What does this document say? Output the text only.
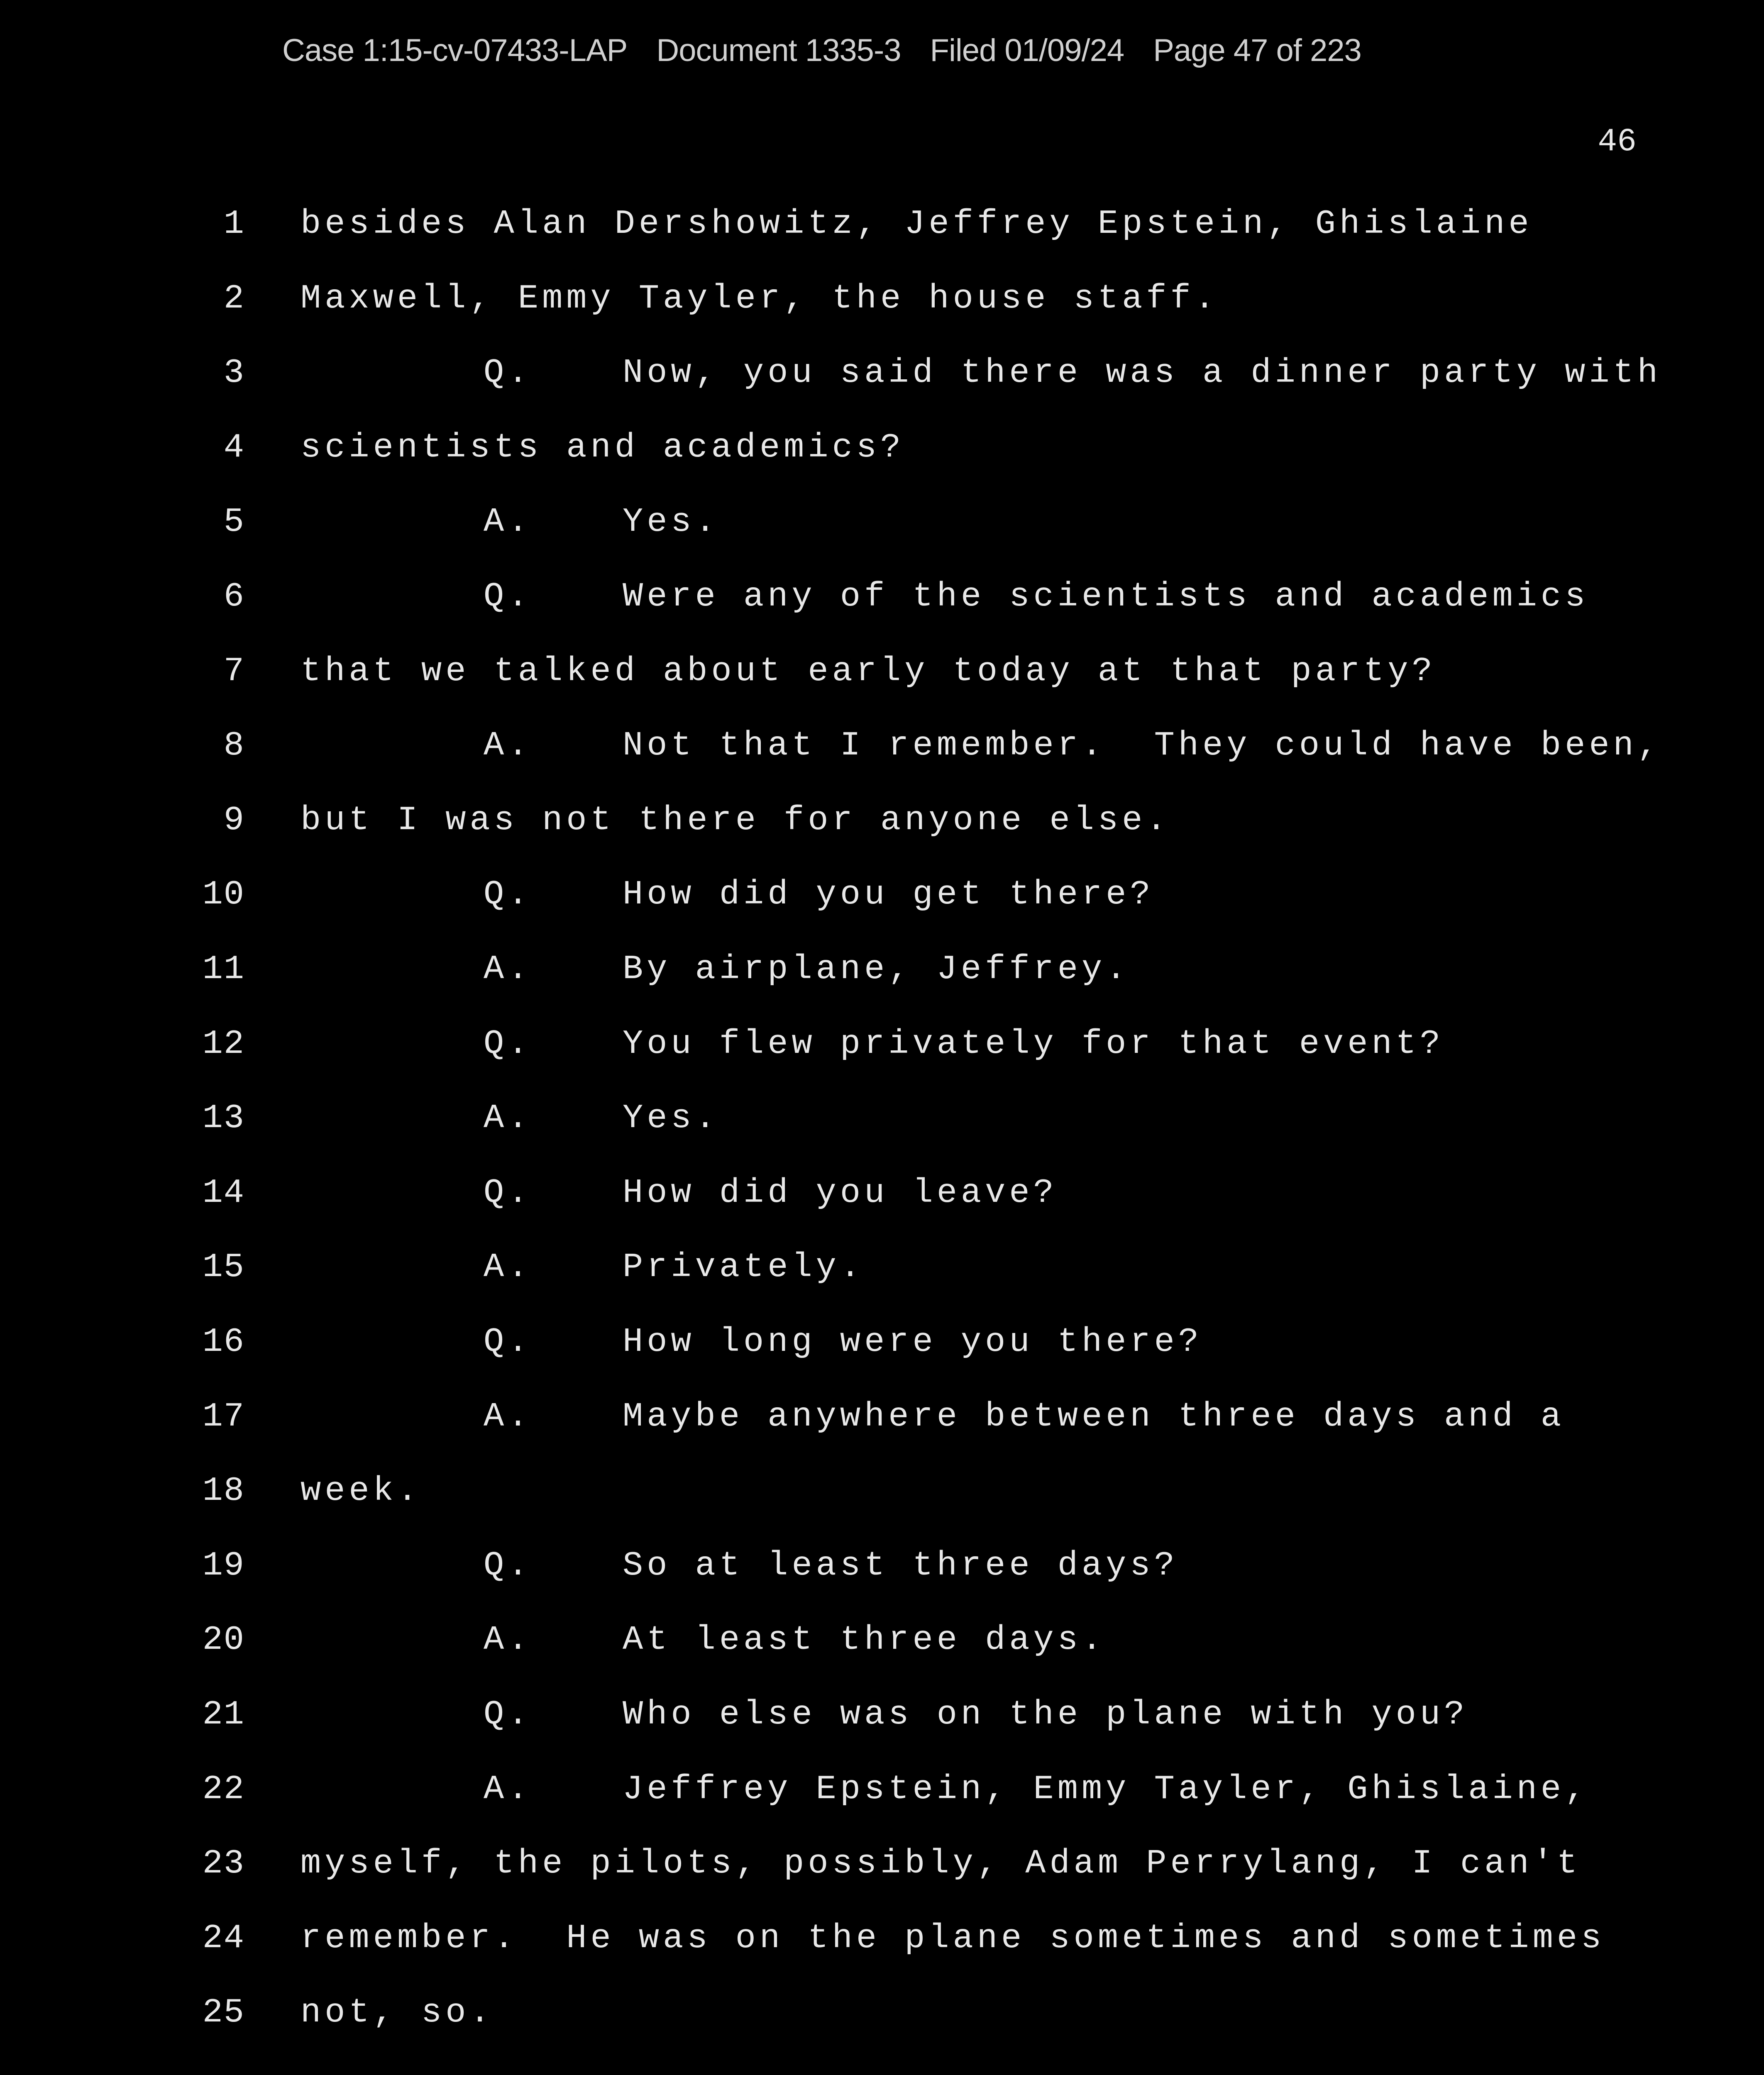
Case 1:15-cv-07433-LAP Document 1335-3 Filed 01/09/24 Page 47 of 223
46
1 besides Alan Dershowitz, Jeffrey Epstein, Ghislaine
2 Maxwell, Emmy Tayler, the house staff.
3	Q.	Now, you said there was a dinner party with
4 scientists and academics?
5	A.	Yes.
6	Q.	Were any of the scientists and academics
7 that we talked about early today at that party?
8	A.	Not that I remember.  They could have been,
9 but I was not there for anyone else.
10	Q.	How did you get there?
11	A.	By airplane, Jeffrey.
12	Q.	You flew privately for that event?
13	A.	Yes.
14	Q.	How did you leave?
15	A.	Privately.
16	Q.	How long were you there?
17	A.	Maybe anywhere between three days and a
18 week.
19	Q.	So at least three days?
20	A.	At least three days.
21	Q.	Who else was on the plane with you?
22	A.	Jeffrey Epstein, Emmy Tayler, Ghislaine,
23 myself, the pilots, possibly, Adam Perrylang, I can't
24 remember.  He was on the plane sometimes and sometimes
25 not, so.
